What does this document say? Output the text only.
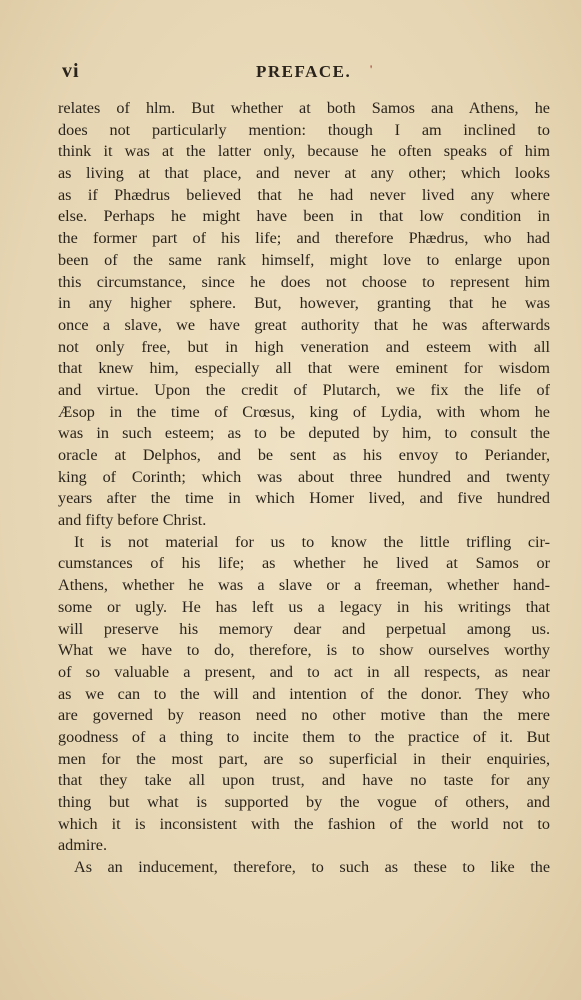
vi	PREFACE. '
relates of hlm. But whether at both Samos ana Athens, he
does not particularly mention: though I am inclined to
think it was at the latter only, because he often speaks of him
as living at that place, and never at any other; which looks
as if Phædrus believed that he had never lived any where
else. Perhaps he might have been in that low condition in
the former part of his life; and therefore Phædrus, who had
been of the same rank himself, might love to enlarge upon
this circumstance, since he does not choose to represent him
in any higher sphere. But, however, granting that he was
once a slave, we have great authority that he was afterwards
not only free, but in high veneration and esteem with all
that knew him, especially all that were eminent for wisdom
and virtue. Upon the credit of Plutarch, we fix the life of
Æsop in the time of Crœsus, king of Lydia, with whom he
was in such esteem; as to be deputed by him, to consult the
oracle at Delphos, and be sent as his envoy to Periander,
king of Corinth; which was about three hundred and twenty
years after the time in which Homer lived, and five hundred
and fifty before Christ.
It is not material for us to know the little trifling cir-
cumstances of his life; as whether he lived at Samos or
Athens, whether he was a slave or a freeman, whether hand-
some or ugly. He has left us a legacy in his writings that
will preserve his memory dear and perpetual among us.
What we have to do, therefore, is to show ourselves worthy
of so valuable a present, and to act in all respects, as near
as we can to the will and intention of the donor. They who
are governed by reason need no other motive than the mere
goodness of a thing to incite them to the practice of it. But
men for the most part, are so superficial in their enquiries,
that they take all upon trust, and have no taste for any
thing but what is supported by the vogue of others, and
which it is inconsistent with the fashion of the world not to
admire.
As an inducement, therefore, to such as these to like the
